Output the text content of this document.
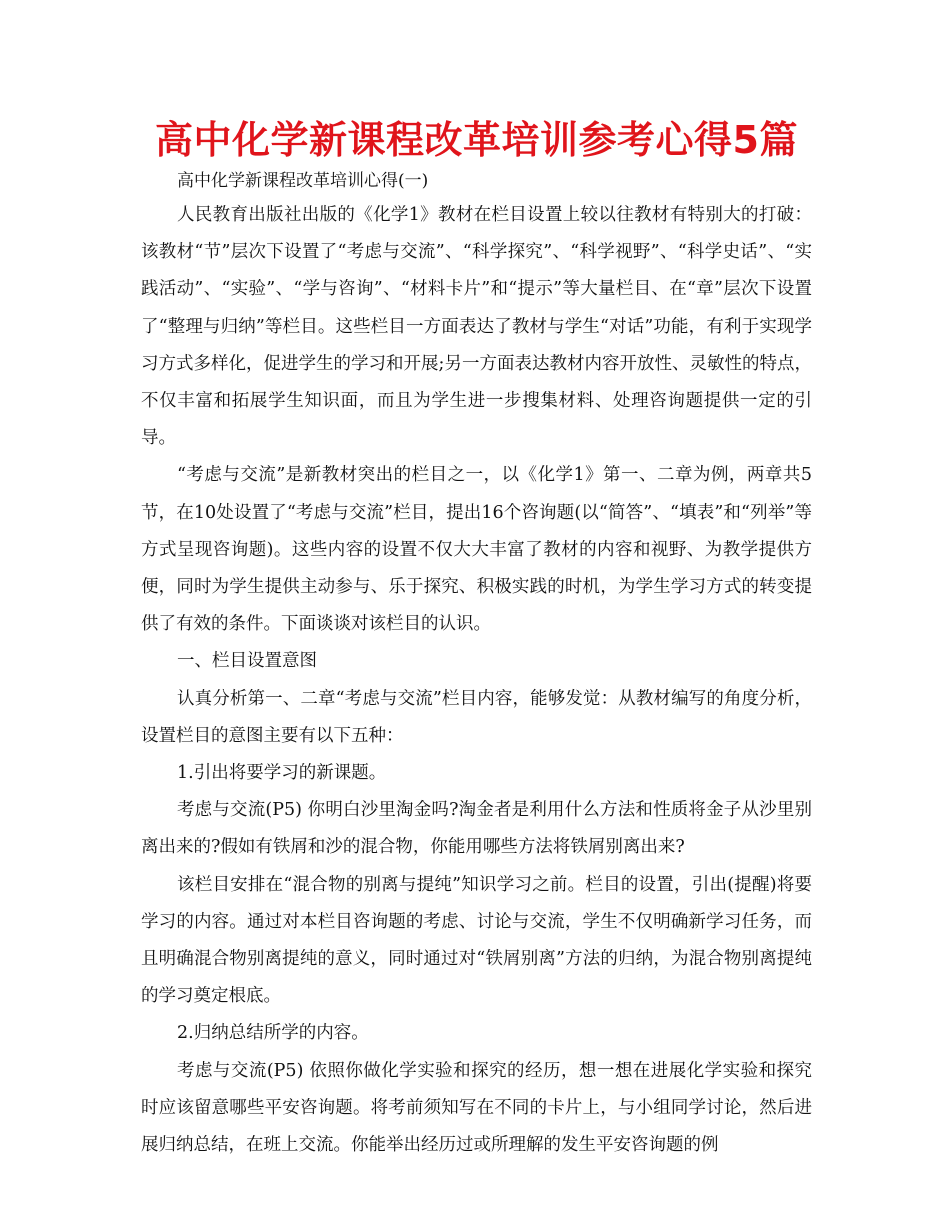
高中化学新课程改革培训参考心得5篇

高中化学新课程改革培训心得(一)

人民教育出版社出版的《化学1》教材在栏目设置上较以往教材有特别大的打破：该教材“节”层次下设置了“考虑与交流”、“科学探究”、“科学视野”、“科学史话”、“实践活动”、“实验”、“学与咨询”、“材料卡片”和“提示”等大量栏目、在“章”层次下设置了“整理与归纳”等栏目。这些栏目一方面表达了教材与学生“对话”功能，有利于实现学习方式多样化，促进学生的学习和开展;另一方面表达教材内容开放性、灵敏性的特点，不仅丰富和拓展学生知识面，而且为学生进一步搜集材料、处理咨询题提供一定的引导。

“考虑与交流”是新教材突出的栏目之一，以《化学1》第一、二章为例，两章共5节，在10处设置了“考虑与交流”栏目，提出16个咨询题(以“简答”、“填表”和“列举”等方式呈现咨询题)。这些内容的设置不仅大大丰富了教材的内容和视野、为教学提供方便，同时为学生提供主动参与、乐于探究、积极实践的时机，为学生学习方式的转变提供了有效的条件。下面谈谈对该栏目的认识。

一、栏目设置意图

认真分析第一、二章“考虑与交流”栏目内容，能够发觉：从教材编写的角度分析，设置栏目的意图主要有以下五种：

1.引出将要学习的新课题。

考虑与交流(P5) 你明白沙里淘金吗?淘金者是利用什么方法和性质将金子从沙里别离出来的?假如有铁屑和沙的混合物，你能用哪些方法将铁屑别离出来?

该栏目安排在“混合物的别离与提纯”知识学习之前。栏目的设置，引出(提醒)将要学习的内容。通过对本栏目咨询题的考虑、讨论与交流，学生不仅明确新学习任务，而且明确混合物别离提纯的意义，同时通过对“铁屑别离”方法的归纳，为混合物别离提纯的学习奠定根底。

2.归纳总结所学的内容。

考虑与交流(P5) 依照你做化学实验和探究的经历，想一想在进展化学实验和探究时应该留意哪些平安咨询题。将考前须知写在不同的卡片上，与小组同学讨论，然后进展归纳总结，在班上交流。你能举出经历过或所理解的发生平安咨询题的例
